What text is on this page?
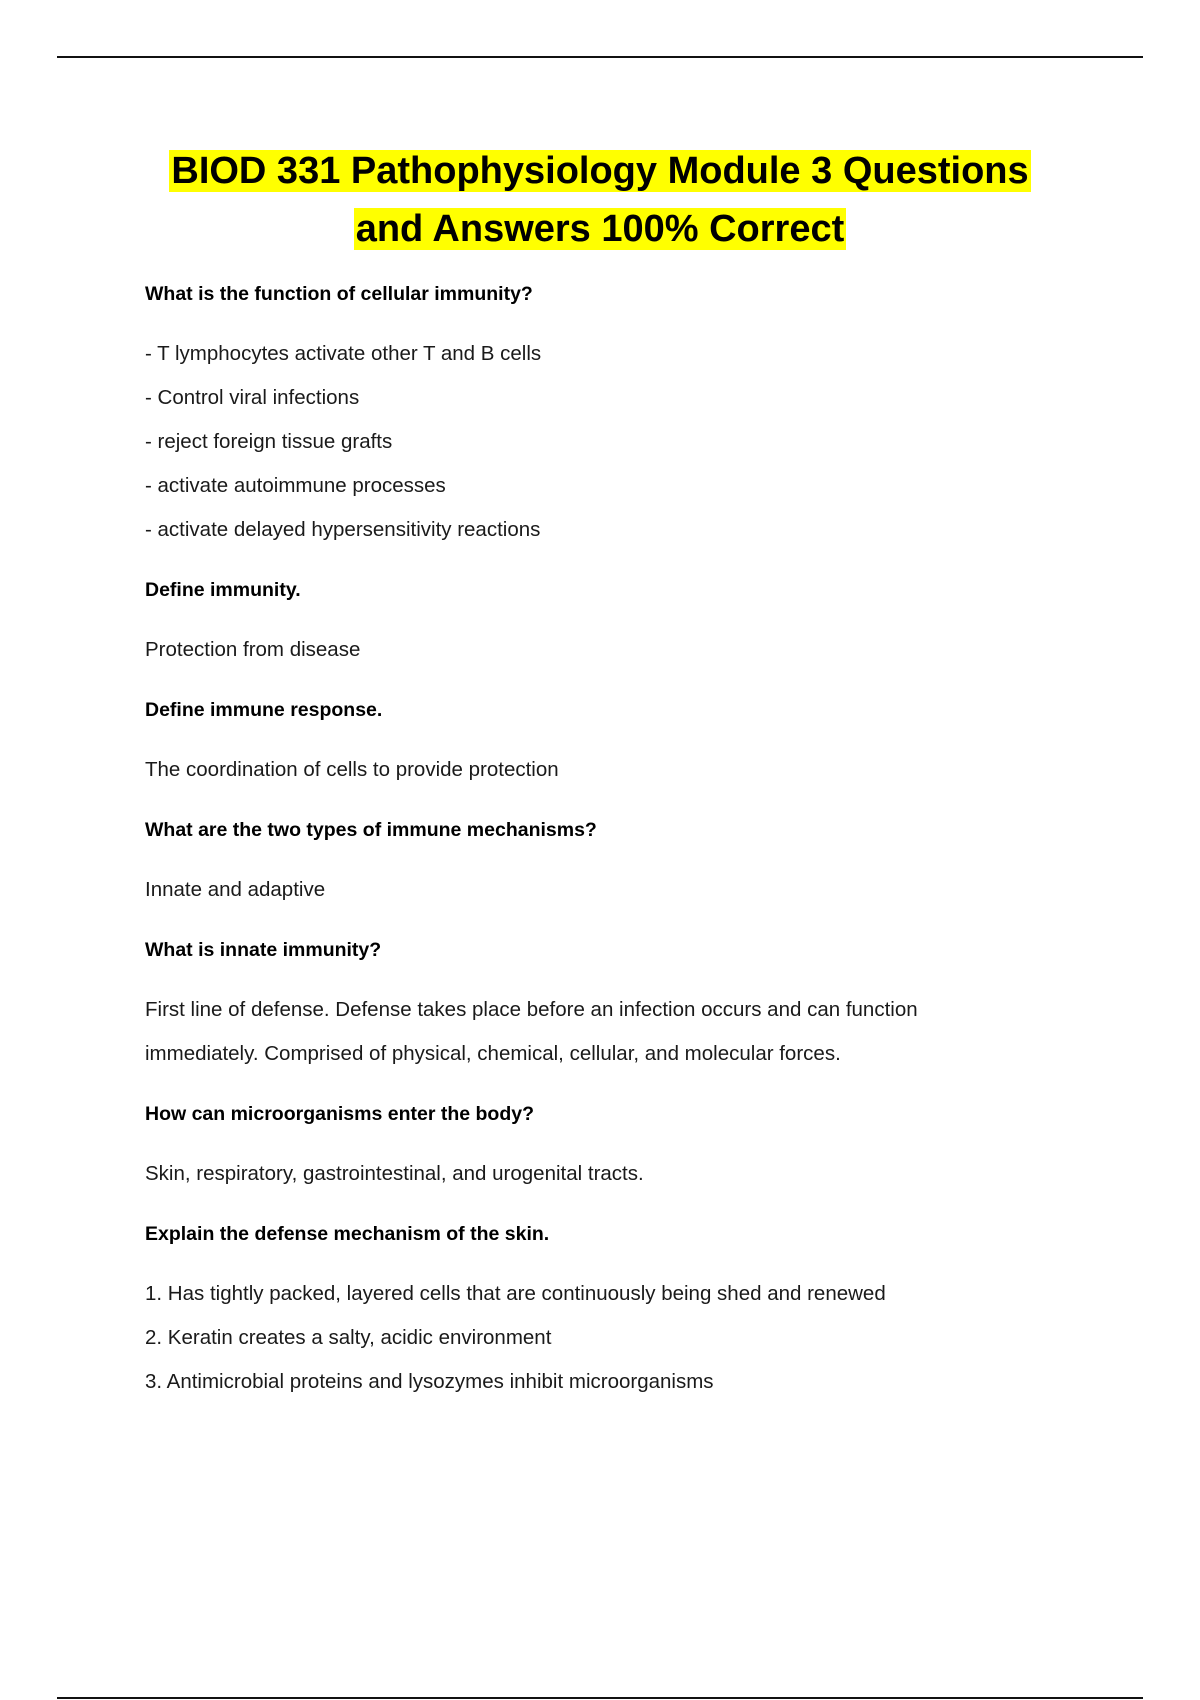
BIOD 331 Pathophysiology Module 3 Questions
and Answers 100% Correct
What is the function of cellular immunity?
- T lymphocytes activate other T and B cells
- Control viral infections
- reject foreign tissue grafts
- activate autoimmune processes
- activate delayed hypersensitivity reactions
Define immunity.
Protection from disease
Define immune response.
The coordination of cells to provide protection
What are the two types of immune mechanisms?
Innate and adaptive
What is innate immunity?
First line of defense. Defense takes place before an infection occurs and can function
immediately. Comprised of physical, chemical, cellular, and molecular forces.
How can microorganisms enter the body?
Skin, respiratory, gastrointestinal, and urogenital tracts.
Explain the defense mechanism of the skin.
1. Has tightly packed, layered cells that are continuously being shed and renewed
2. Keratin creates a salty, acidic environment
3. Antimicrobial proteins and lysozymes inhibit microorganisms
